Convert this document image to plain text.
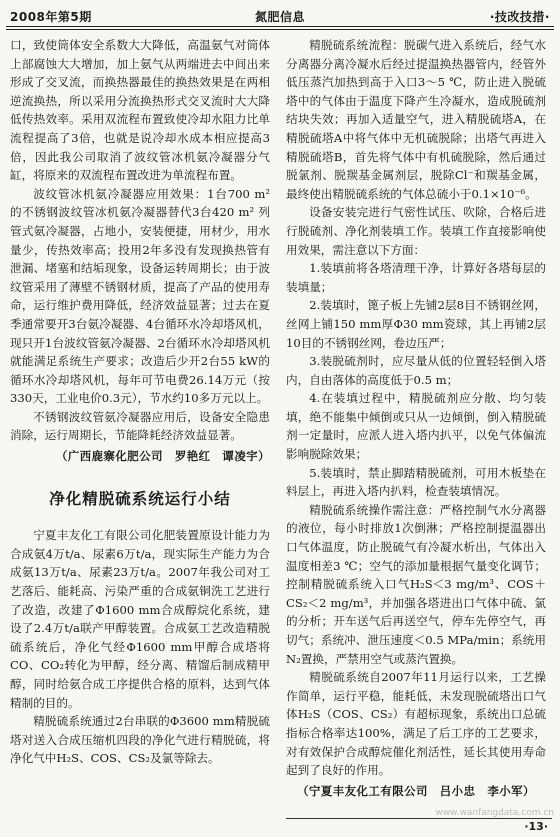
2008年第5期	氮肥信息	·技改技措·

口，致使筒体安全系数大大降低，高温氨气对筒体上部腐蚀大大增加，加上氨气从两端进去中间出来形成了交叉流，而换热器最佳的换热效果是在两相逆流换热，所以采用分流换热形式交叉流时大大降低传热效率。采用双流程布置致使冷却水阻力比单流程提高了3倍，也就是说冷却水成本相应提高3倍，因此我公司取消了波纹管冰机氨冷凝器分气缸，将原来的双流程布置改进为单流程布置。

波纹管冰机氨冷凝器应用效果：1台700 m² 的不锈钢波纹管冰机氨冷凝器替代3台420 m² 列管式氨冷凝器，占地小，安装便捷，用材少，用水量少，传热效率高；投用2年多没有发现换热管有泄漏、堵塞和结垢现象，设备运转周期长；由于波纹管采用了薄壁不锈钢材质，提高了产品的使用寿命，运行维护费用降低，经济效益显著；过去在夏季通常要开3台氨冷凝器、4台循环水冷却塔风机，现只开1台波纹管氨冷凝器、2台循环水冷却塔风机就能满足系统生产要求；改造后少开2台55 kW的循环水冷却塔风机，每年可节电费26.14万元（按330天，工业电价0.3元），节水约10多万元以上。

不锈钢波纹管氨冷凝器应用后，设备安全隐患消除，运行周期长，节能降耗经济效益显著。

（广西鹿寨化肥公司　罗艳红　谭凌宇）

净化精脱硫系统运行小结

宁夏丰友化工有限公司化肥装置原设计能力为合成氨4万t/a、尿素6万t/a，现实际生产能力为合成氨13万t/a、尿素23万t/a。2007年我公司对工艺落后、能耗高、污染严重的合成氨铜洗工艺进行了改造，改建了Φ1600 mm合成醇烷化系统，建设了2.4万t/a联产甲醇装置。合成氨工艺改造精脱硫系统后，净化气经Φ1600 mm甲醇合成塔将CO、CO₂转化为甲醇，经分离、精馏后制成精甲醇，同时给氨合成工序提供合格的原料，达到气体精制的目的。

精脱硫系统通过2台串联的Φ3600 mm精脱硫塔对送入合成压缩机四段的净化气进行精脱硫，将净化气中H₂S、COS、CS₂及氯等除去。

精脱硫系统流程：脱碳气进入系统后，经气水分离器分离冷凝水后经过提温换热器管内，经管外低压蒸汽加热到高于入口3～5 ℃，防止进入脱硫塔中的气体由于温度下降产生冷凝水，造成脱硫剂结块失效；再加入适量空气，进入精脱硫塔A，在精脱硫塔A中将气体中无机硫脱除；出塔气再进入精脱硫塔B，首先将气体中有机硫脱除，然后通过脱氯剂、脱羰基金属剂层，脱除Cl⁻和羰基金属，最终使出精脱硫系统的气体总硫小于0.1×10⁻⁶。

设备安装完进行气密性试压、吹除，合格后进行脱硫剂、净化剂装填工作。装填工作直接影响使用效果，需注意以下方面：

1.装填前将各塔清理干净，计算好各塔每层的装填量；

2.装填时，篦子板上先铺2层8目不锈钢丝网，丝网上铺150 mm厚Φ30 mm瓷球，其上再铺2层10目的不锈钢丝网，卷边压严；

3.装脱硫剂时，应尽量从低的位置轻轻倒入塔内，自由落体的高度低于0.5 m；

4.在装填过程中，精脱硫剂应分散、均匀装填，绝不能集中倾倒或只从一边倾倒，倒入精脱硫剂一定量时，应派人进入塔内扒平，以免气体偏流影响脱除效果；

5.装填时，禁止脚踏精脱硫剂，可用木板垫在料层上，再进入塔内扒料，检查装填情况。

精脱硫系统操作需注意：严格控制气水分离器的液位，每小时排放1次倒淋；严格控制提温器出口气体温度，防止脱硫气有冷凝水析出，气体出入温度相差3 ℃；空气的添加量根据气量变化调节；控制精脱硫系统入口气H₂S＜3 mg/m³、COS＋CS₂＜2 mg/m³，并加强各塔进出口气体中硫、氯的分析；开车送气后再送空气，停车先停空气，再切气；系统冲、泄压速度＜0.5 MPa/min；系统用N₂置换，严禁用空气或蒸汽置换。

精脱硫系统自2007年11月运行以来，工艺操作简单，运行平稳，能耗低，未发现脱硫塔出口气体H₂S（COS、CS₂）有超标现象，系统出口总硫指标合格率达100%，满足了后工序的工艺要求，对有效保护合成醇烷催化剂活性，延长其使用寿命起到了良好的作用。

（宁夏丰友化工有限公司　吕小忠　李小军）

www.wanfangdata.com.cn
·13·
